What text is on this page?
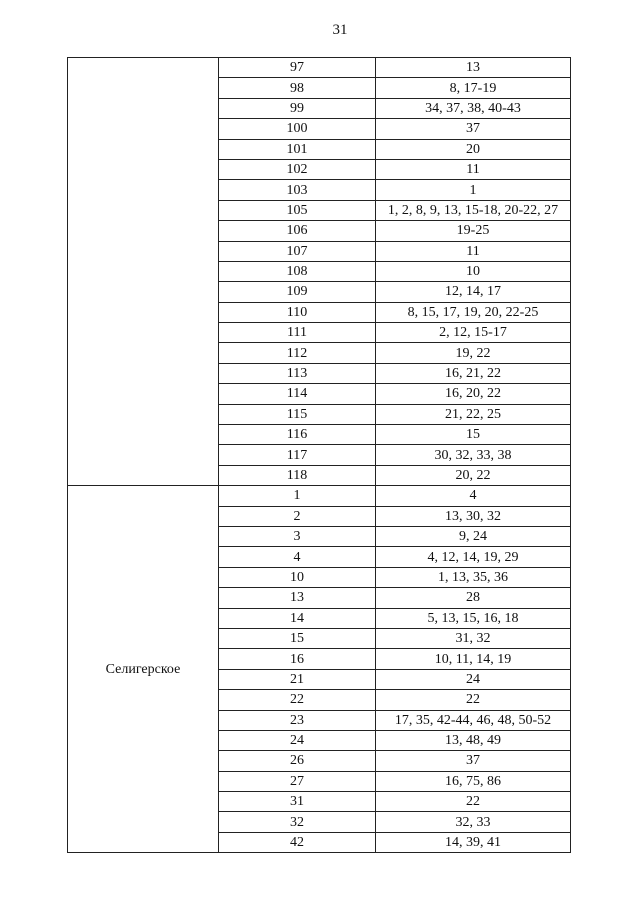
31
	97	13
	98	8, 17-19
	99	34, 37, 38, 40-43
	100	37
	101	20
	102	11
	103	1
	105	1, 2, 8, 9, 13, 15-18, 20-22, 27
	106	19-25
	107	11
	108	10
	109	12, 14, 17
	110	8, 15, 17, 19, 20, 22-25
	111	2, 12, 15-17
	112	19, 22
	113	16, 21, 22
	114	16, 20, 22
	115	21, 22, 25
	116	15
	117	30, 32, 33, 38
	118	20, 22
Селигерское	1	4
	2	13, 30, 32
	3	9, 24
	4	4, 12, 14, 19, 29
	10	1, 13, 35, 36
	13	28
	14	5, 13, 15, 16, 18
	15	31, 32
	16	10, 11, 14, 19
	21	24
	22	22
	23	17, 35, 42-44, 46, 48, 50-52
	24	13, 48, 49
	26	37
	27	16, 75, 86
	31	22
	32	32, 33
	42	14, 39, 41
